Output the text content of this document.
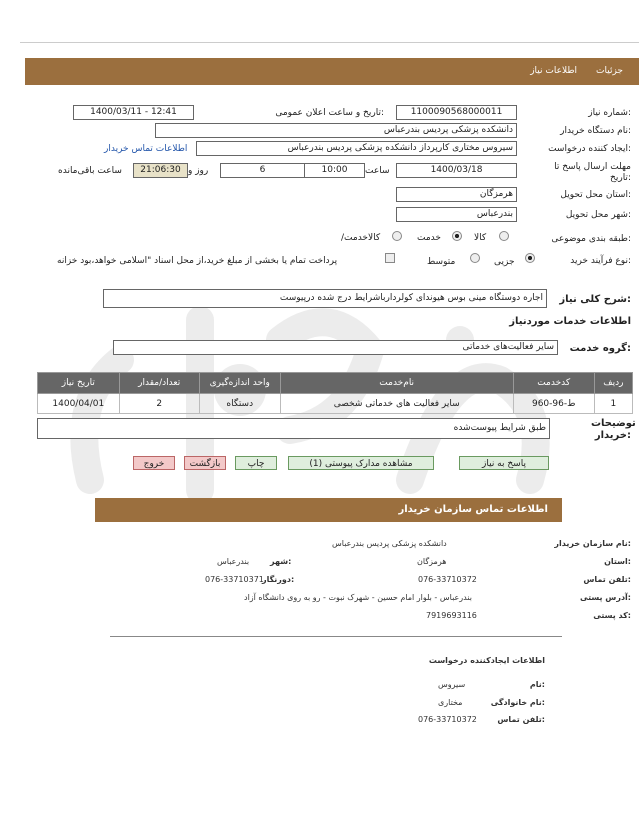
جزئیات
اطلاعات نیاز
شماره نیاز:
1100090568000011
تاریخ و ساعت اعلان عمومی:
1400/03/11 - 12:41
نام دستگاه خریدار:
دانشکده پزشکی پردیس بندرعباس
ایجاد کننده درخواست:
سیروس مختاری کارپرداز دانشکده پزشکی پردیس بندرعباس
اطلاعات تماس خریدار
مهلت ارسال پاسخ تا تاریخ:
1400/03/18
ساعت
10:00
6
روز و
21:06:30
ساعت باقی‌مانده
استان محل تحویل:
هرمزگان
شهر محل تحویل:
بندرعباس
طبقه بندی موضوعی:
کالا
خدمت
/کالاخدمت
نوع فرآیند خرید:
جزیی
متوسط
پرداخت تمام یا بخشی از مبلغ خرید،از محل اسناد "اسلامی خواهد،بود خزانه
شرح کلی نیاز:
اجاره دوستگاه مینی بوس هیوندای کولردارباشرایط درج شده درپیوست
اطلاعات خدمات موردنیاز
گروه خدمت:
سایر فعالیت‌های خدماتی
ردیف	کدخدمت	نام‌خدمت	واحد اندازه‌گیری	تعداد/مقدار	تاریخ نیاز
1	ط-96-960	سایر فعالیت های خدماتی شخصی	دستگاه	2	1400/04/01
توضیحات خریدار:
طبق شرایط پیوست‌شده
پاسخ به نیاز
مشاهده مدارک پیوستی (1)
چاپ
بازگشت
خروج
اطلاعات تماس سازمان خریدار
نام سازمان خریدار:
دانشکده پزشکی پردیس بندرعباس
استان:
هرمزگان
شهر:
بندرعباس
تلفن تماس:
076-33710372
دورنگار:
076-33710371
آدرس پستی:
بندرعباس - بلوار امام حسین - شهرک نبوت - رو به روی دانشگاه آزاد
کد پستی:
7919693116
اطلاعات ایجادکننده درخواست
نام:
سیروس
نام خانوادگی:
مختاری
تلفن تماس:
076-33710372
